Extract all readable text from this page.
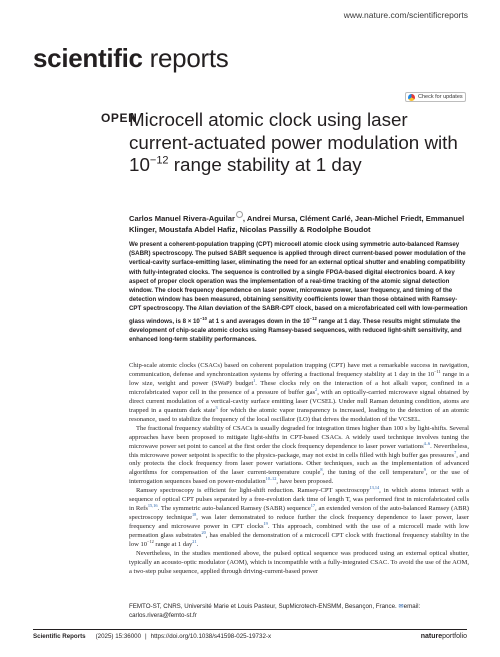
www.nature.com/scientificreports
scientific reports
Check for updates
OPEN
Microcell atomic clock using laser current-actuated power modulation with $10^{-12}$ range stability at 1 day
Carlos Manuel Rivera-Aguilar , Andrei Mursa, Clément Carlé, Jean-Michel Friedt, Emmanuel Klinger, Moustafa Abdel Hafiz, Nicolas Passilly & Rodolphe Boudot
We present a coherent-population trapping (CPT) microcell atomic clock using symmetric auto-balanced Ramsey (SABR) spectroscopy. The pulsed SABR sequence is applied through direct current-based power modulation of the vertical-cavity surface-emitting laser, eliminating the need for an external optical shutter and enabling compatibility with fully-integrated clocks. The sequence is controlled by a single FPGA-based digital electronics board. A key aspect of proper clock operation was the implementation of a real-time tracking of the atomic signal detection window. The clock frequency dependence on laser power, microwave power, laser frequency, and timing of the detection window has been measured, obtaining sensitivity coefficients lower than those obtained with Ramsey-CPT spectroscopy. The Allan deviation of the SABR-CPT clock, based on a microfabricated cell with low-permeation glass windows, is $8 \times 10^{-10}$ at 1 s and averages down in the $10^{-12}$ range at 1 day. These results might stimulate the development of chip-scale atomic clocks using Ramsey-based sequences, with reduced light-shift sensitivity, and enhanced long-term stability performances.

Chip-scale atomic clocks (CSACs) based on coherent population trapping (CPT) have met a remarkable success in navigation, communication, defense and synchronization systems by offering a fractional frequency stability at 1 day in the $10^{-11}$ range in a low size, weight and power (SWaP) budget$^1$. These clocks rely on the interaction of a hot alkali vapor, confined in a microfabricated vapor cell in the presence of a pressure of buffer gas$^2$, with an optically-carried microwave signal obtained by direct current modulation of a vertical-cavity surface emitting laser (VCSEL). Under null Raman detuning condition, atoms are trapped in a quantum dark state$^3$ for which the atomic vapor transparency is increased, leading to the detection of an atomic resonance, used to stabilize the frequency of the local oscillator (LO) that drives the modulation of the VCSEL.

The fractional frequency stability of CSACs is usually degraded for integration times higher than 100 s by light-shifts. Several approaches have been proposed to mitigate light-shifts in CPT-based CSACs. A widely used technique involves tuning the microwave power set point to cancel at the first order the clock frequency dependence to laser power variations$^{4-6}$. Nevertheless, this microwave power setpoint is specific to the physics-package, may not exist in cells filled with high buffer gas pressures$^7$, and only protects the clock frequency from laser power variations. Other techniques, such as the implementation of advanced algorithms for compensation of the laser current-temperature couple$^8$, the tuning of the cell temperature$^9$, or the use of interrogation sequences based on power-modulation$^{10-12}$, have been proposed.

Ramsey spectroscopy is efficient for light-shift reduction. Ramsey-CPT spectroscopy$^{13,14}$, in which atoms interact with a sequence of optical CPT pulses separated by a free-evolution dark time of length T, was performed first in microfabricated cells in Refs$^{15,16}$. The symmetric auto-balanced Ramsey (SABR) sequence$^{17}$, an extended version of the auto-balanced Ramsey (ABR) spectroscopy technique$^{18}$, was later demonstrated to reduce further the clock frequency dependence to laser power, laser frequency and microwave power in CPT clocks$^{19}$. This approach, combined with the use of a microcell made with low permeation glass substrates$^{20}$, has enabled the demonstration of a microcell CPT clock with fractional frequency stability in the low $10^{-12}$ range at 1 day$^{21}$.

Nevertheless, in the studies mentioned above, the pulsed optical sequence was produced using an external optical shutter, typically an acousto-optic modulator (AOM), which is incompatible with a fully-integrated CSAC. To avoid the use of the AOM, a two-step pulse sequence, applied through driving-current-based power

FEMTO-ST, CNRS, Université Marie et Louis Pasteur, SupMicrotech-ENSMM, Besançon, France. ✉email: carlos.rivera@femto-st.fr
Scientific Reports (2025) 15:36000 | https://doi.org/10.1038/s41598-025-19732-x	natureportfolio
